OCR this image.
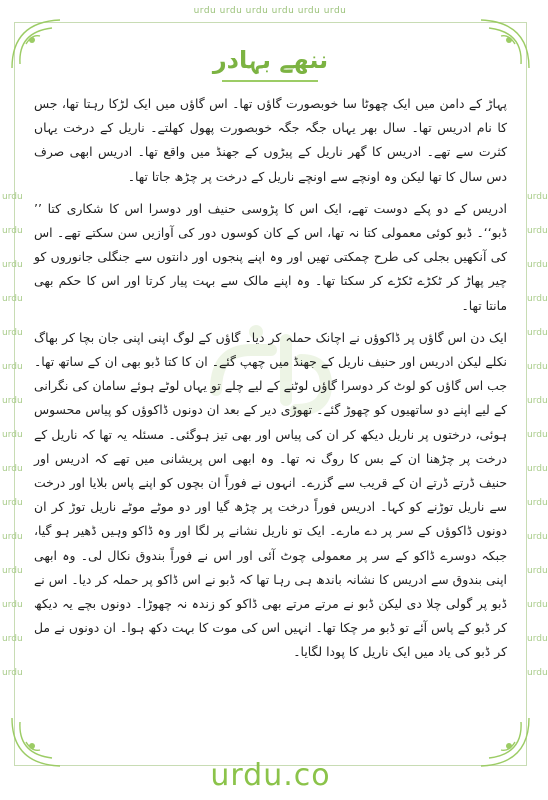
urdu urdu urdu urdu urdu urdu
urdu urdu urdu urdu urdu urdu urdu urdu urdu urdu urdu urdu urdu urdu urdu
urdu urdu urdu urdu urdu urdu urdu urdu urdu urdu urdu urdu urdu urdu urdu
ننھے بہادر

پہاڑ کے دامن میں ایک چھوٹا سا خوبصورت گاؤں تھا۔ اس گاؤں میں ایک لڑکا رہتا تھا، جس کا نام ادریس تھا۔ سال بھر یہاں جگہ جگہ خوبصورت پھول کھلتے۔ ناریل کے درخت یہاں کثرت سے تھے۔ ادریس کا گھر ناریل کے پیڑوں کے جھنڈ میں واقع تھا۔ ادریس ابھی صرف دس سال کا تھا لیکن وہ اونچے سے اونچے ناریل کے درخت پر چڑھ جاتا تھا۔

ادریس کے دو پکے دوست تھے، ایک اس کا پڑوسی حنیف اور دوسرا اس کا شکاری کتا ’’ ڈبو‘‘۔ ڈبو کوئی معمولی کتا نہ تھا، اس کے کان کوسوں دور کی آوازیں سن سکتے تھے۔ اس کی آنکھیں بجلی کی طرح چمکتی تھیں اور وہ اپنے پنجوں اور دانتوں سے جنگلی جانوروں کو چیر پھاڑ کر ٹکڑے ٹکڑے کر سکتا تھا۔ وہ اپنے مالک سے بہت پیار کرتا اور اس کا حکم بھی مانتا تھا۔

ایک دن اس گاؤں پر ڈاکوؤں نے اچانک حملہ کر دیا۔ گاؤں کے لوگ اپنی اپنی جان بچا کر بھاگ نکلے لیکن ادریس اور حنیف ناریل کے جھنڈ میں چھپ گئے۔ ان کا کتا ڈبو بھی ان کے ساتھ تھا۔ جب اس گاؤں کو لوٹ کر دوسرا گاؤں لوٹنے کے لیے چلے تو یہاں لوٹے ہوئے سامان کی نگرانی کے لیے اپنے دو ساتھیوں کو چھوڑ گئے۔ تھوڑی دیر کے بعد ان دونوں ڈاکوؤں کو پیاس محسوس ہوئی، درختوں پر ناریل دیکھ کر ان کی پیاس اور بھی تیز ہوگئی۔ مسئلہ یہ تھا کہ ناریل کے درخت پر چڑھنا ان کے بس کا روگ نہ تھا۔ وہ ابھی اس پریشانی میں تھے کہ ادریس اور حنیف ڈرتے ڈرتے ان کے قریب سے گزرے۔ انہوں نے فوراً ان بچوں کو اپنے پاس بلایا اور درخت سے ناریل توڑنے کو کہا۔ ادریس فوراً درخت پر چڑھ گیا اور دو موٹے موٹے ناریل توڑ کر ان دونوں ڈاکوؤں کے سر پر دے مارے۔ ایک تو ناریل نشانے پر لگا اور وہ ڈاکو وہیں ڈھیر ہو گیا، جبکہ دوسرے ڈاکو کے سر پر معمولی چوٹ آئی اور اس نے فوراً بندوق نکال لی۔ وہ ابھی اپنی بندوق سے ادریس کا نشانہ باندھ ہی رہا تھا کہ ڈبو نے اس ڈاکو پر حملہ کر دیا۔ اس نے ڈبو پر گولی چلا دی لیکن ڈبو نے مرتے مرتے بھی ڈاکو کو زندہ نہ چھوڑا۔ دونوں بچے یہ دیکھ کر ڈبو کے پاس آئے تو ڈبو مر چکا تھا۔ انہیں اس کی موت کا بہت دکھ ہوا۔ ان دونوں نے مل کر ڈبو کی یاد میں ایک ناریل کا پودا لگایا۔

urdu.co
